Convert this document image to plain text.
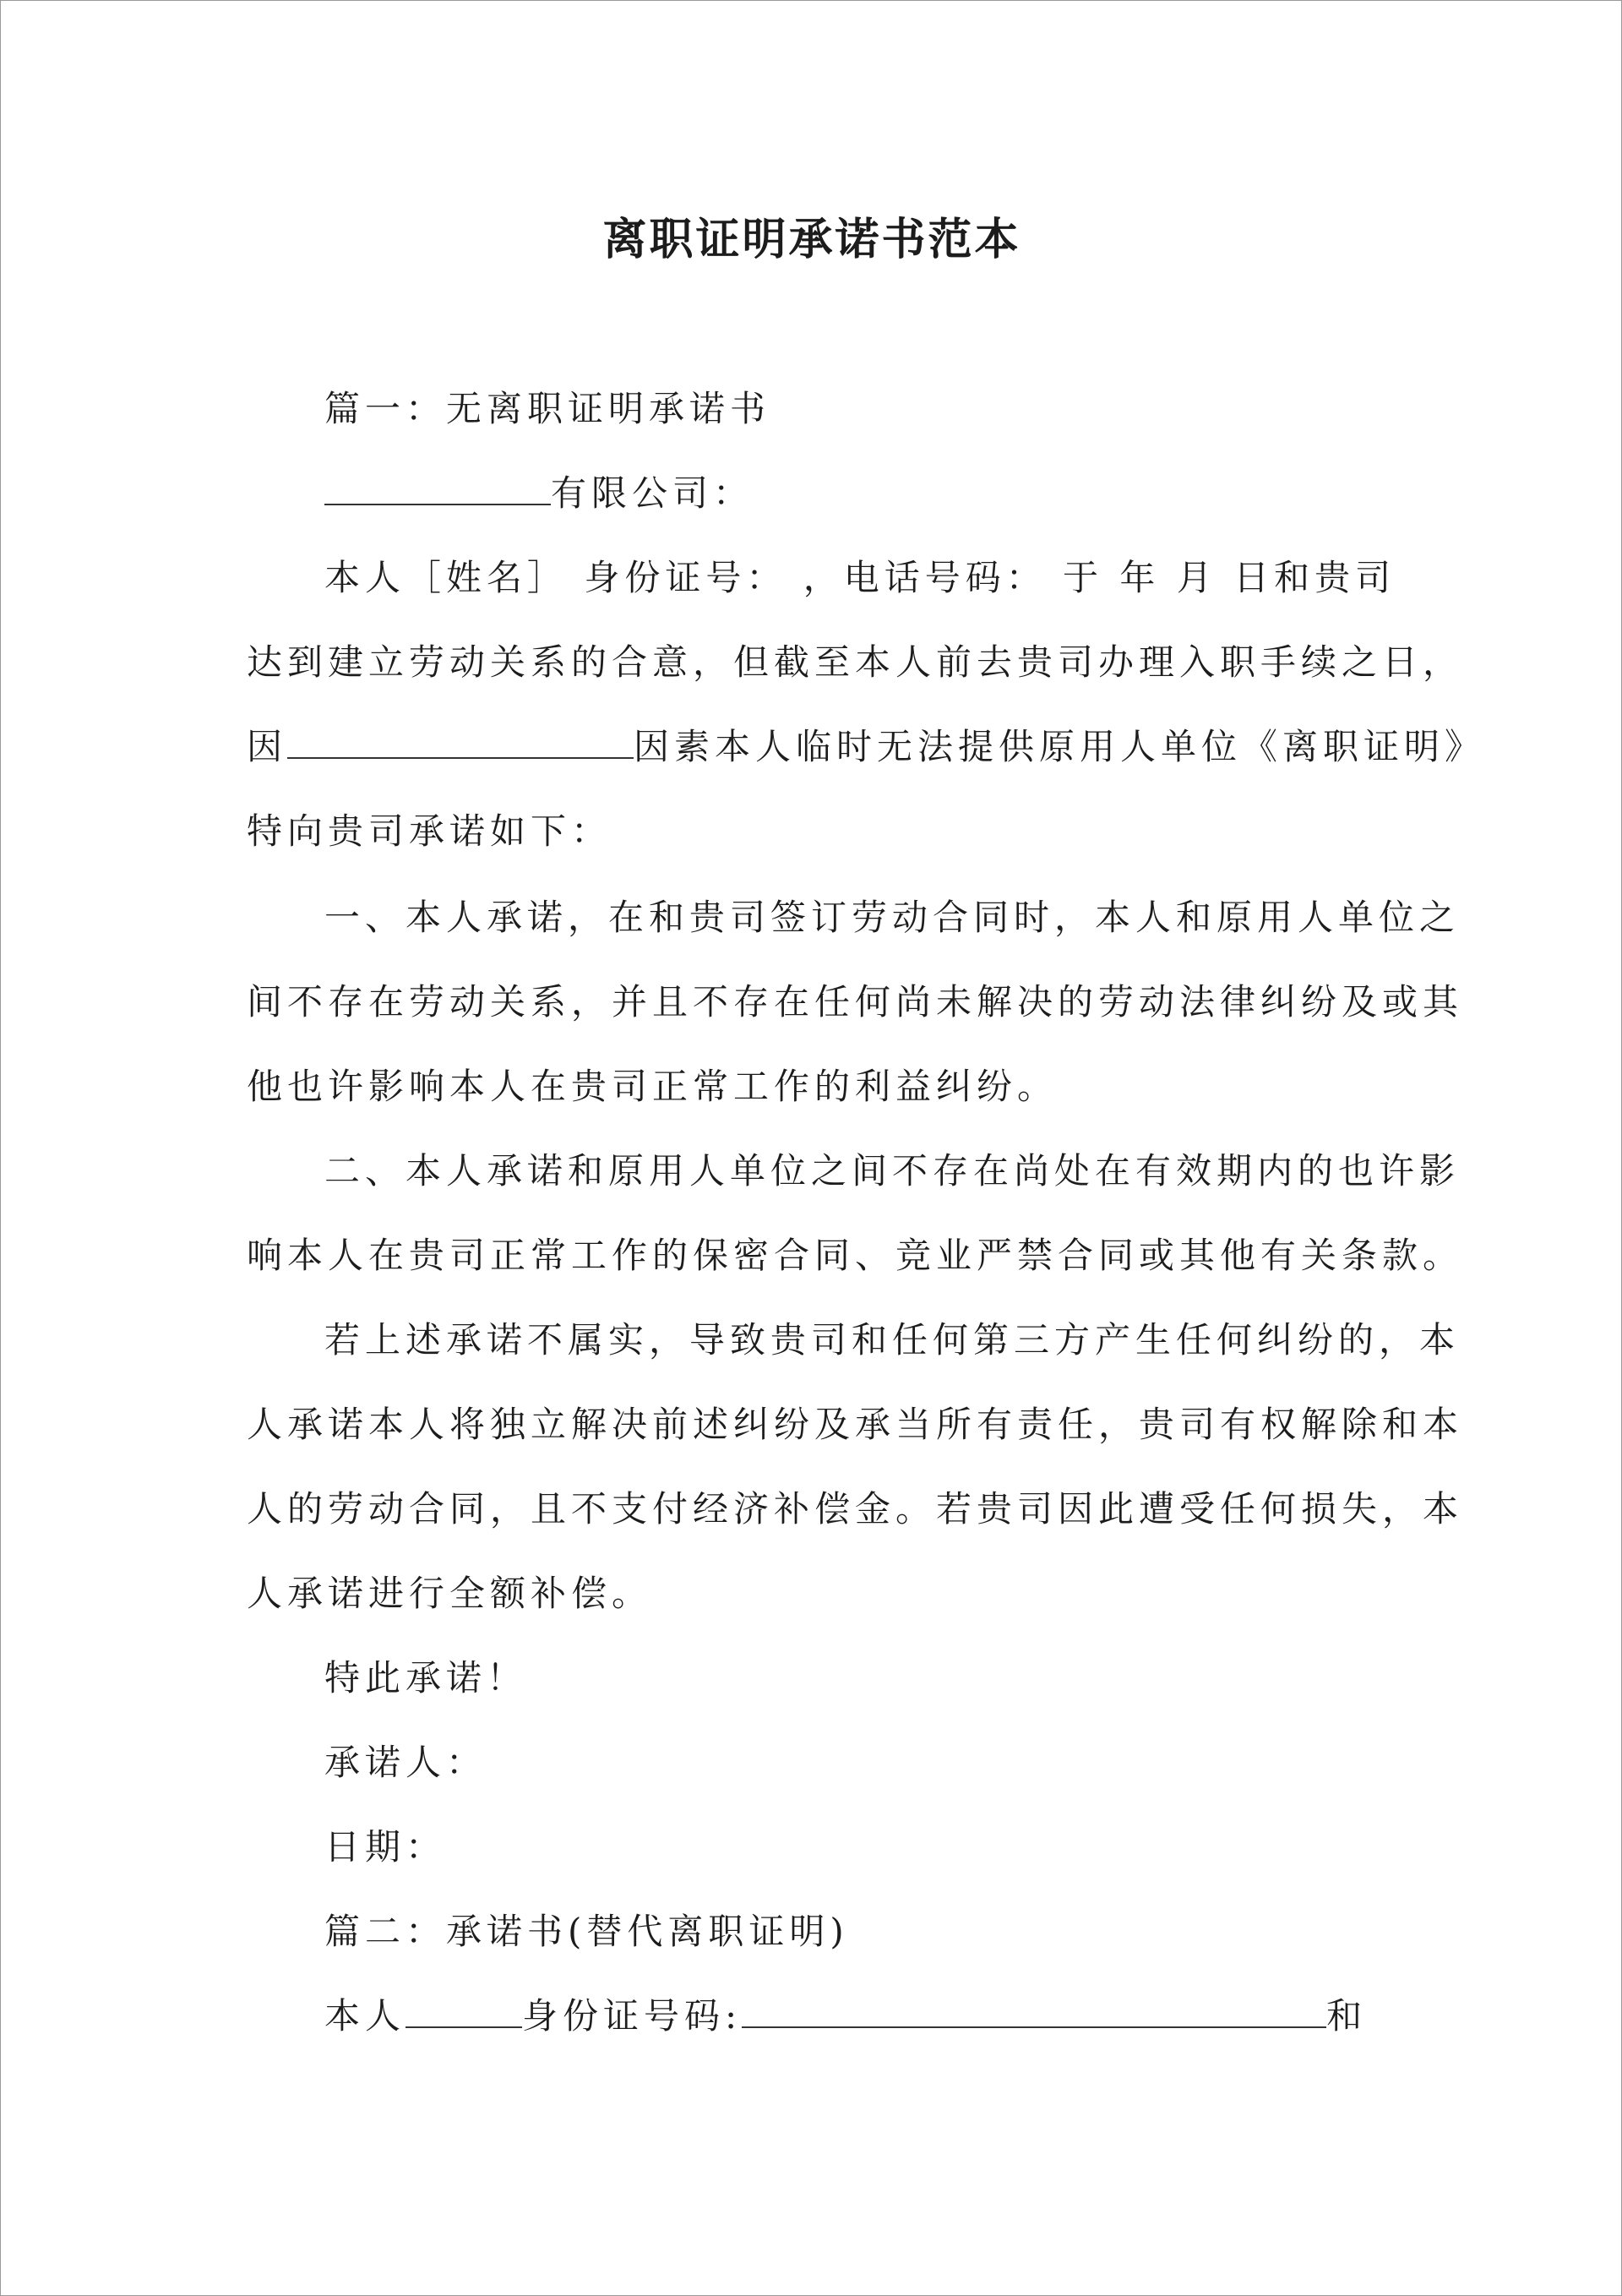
离职证明承诺书范本

篇一：无离职证明承诺书

有限公司：

本人［姓名］ 身份证号： ，电话号码： 于 年 月 日和贵司

达到建立劳动关系的合意，但截至本人前去贵司办理入职手续之日，

因	因素本人临时无法提供原用人单位《离职证明》

特向贵司承诺如下：

一、本人承诺，在和贵司签订劳动合同时，本人和原用人单位之

间不存在劳动关系，并且不存在任何尚未解决的劳动法律纠纷及或其

他也许影响本人在贵司正常工作的利益纠纷。

二、本人承诺和原用人单位之间不存在尚处在有效期内的也许影

响本人在贵司正常工作的保密合同、竞业严禁合同或其他有关条款。

若上述承诺不属实，导致贵司和任何第三方产生任何纠纷的，本

人承诺本人将独立解决前述纠纷及承当所有责任，贵司有权解除和本

人的劳动合同，且不支付经济补偿金。若贵司因此遭受任何损失，本

人承诺进行全额补偿。

特此承诺！

承诺人：

日期：

篇二：承诺书(替代离职证明)

本人	身份证号码:	和
